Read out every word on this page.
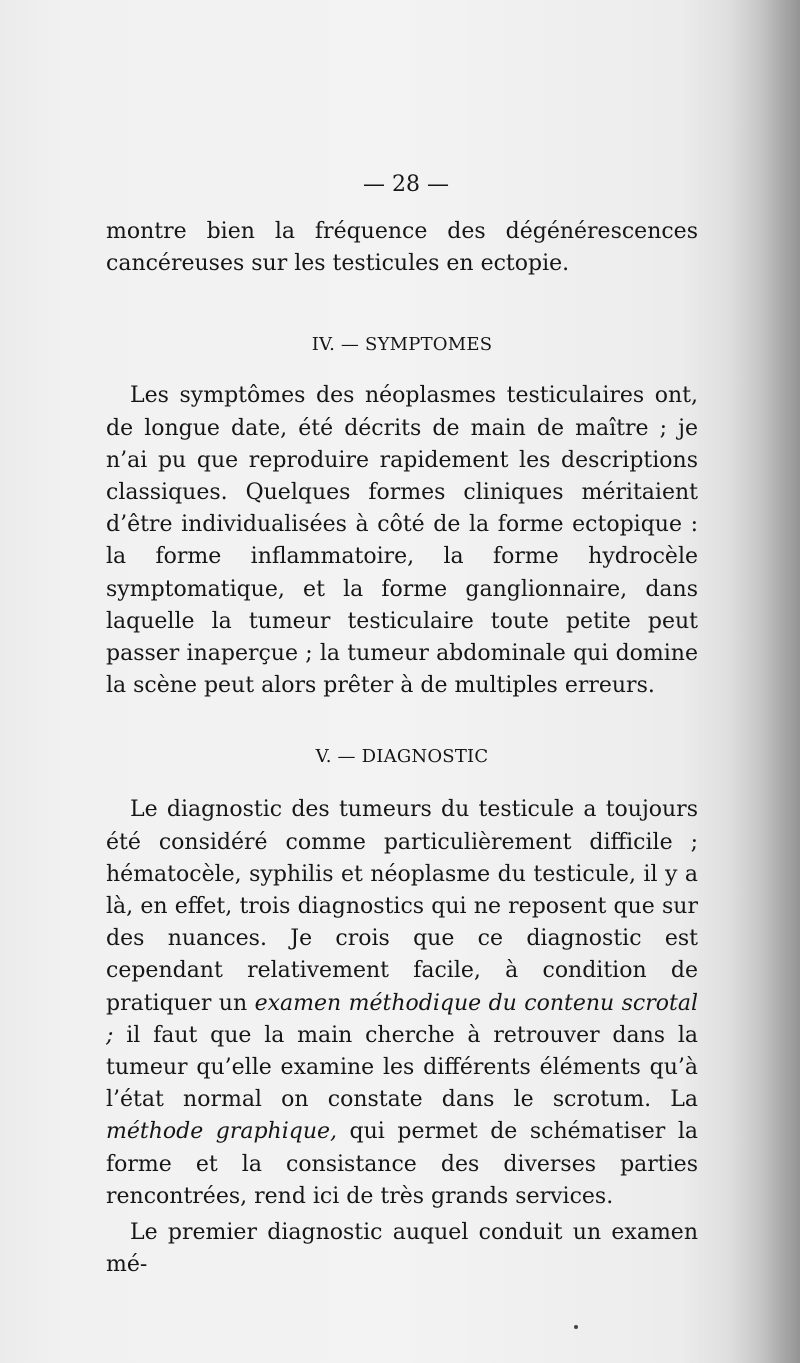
— 28 —

montre bien la fréquence des dégénérescences cancéreuses sur les testicules en ectopie.

IV. — SYMPTOMES

Les symptômes des néoplasmes testiculaires ont, de longue date, été décrits de main de maître ; je n’ai pu que reproduire rapidement les descriptions classiques. Quelques formes cliniques méritaient d’être individualisées à côté de la forme ectopique : la forme inflammatoire, la forme hydrocèle symptomatique, et la forme ganglionnaire, dans laquelle la tumeur testiculaire toute petite peut passer inaperçue ; la tumeur abdominale qui domine la scène peut alors prêter à de multiples erreurs.

V. — DIAGNOSTIC

Le diagnostic des tumeurs du testicule a toujours été considéré comme particulièrement difficile ; hématocèle, syphilis et néoplasme du testicule, il y a là, en effet, trois diagnostics qui ne reposent que sur des nuances. Je crois que ce diagnostic est cependant relativement facile, à condition de pratiquer un examen méthodique du contenu scrotal ; il faut que la main cherche à retrouver dans la tumeur qu’elle examine les différents éléments qu’à l’état normal on constate dans le scrotum. La méthode graphique, qui permet de schématiser la forme et la consistance des diverses parties rencontrées, rend ici de très grands services.

Le premier diagnostic auquel conduit un examen mé-
